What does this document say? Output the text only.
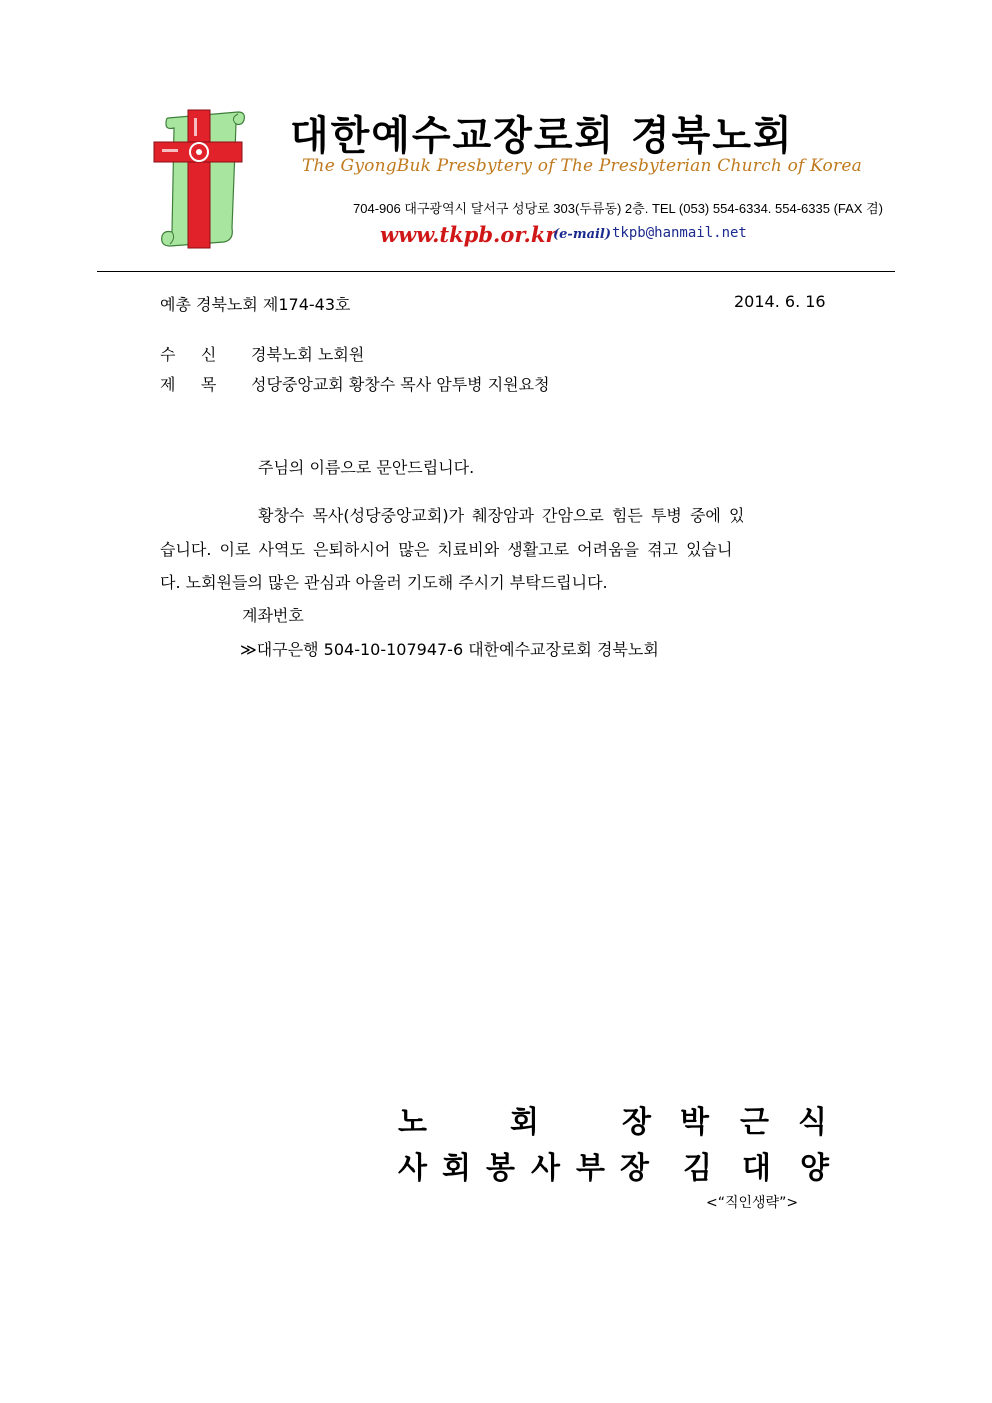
대한예수교장로회 경북노회
The GyongBuk Presbytery of The Presbyterian Church of Korea
704-906 대구광역시 달서구 성당로 303(두류동) 2층. TEL (053) 554-6334. 554-6335 (FAX 겸)
www.tkpb.or.kr
(e-mail) tkpb@hanmail.net
예총 경북노회 제174-43호	2014. 6. 16
수     신 경북노회 노회원
제     목 성당중앙교회 황창수 목사 암투병 지원요청
주님의 이름으로 문안드립니다.
황창수 목사(성당중앙교회)가 췌장암과 간암으로 힘든 투병 중에 있
습니다. 이로 사역도 은퇴하시어 많은 치료비와 생활고로 어려움을 겪고 있습니
다. 노회원들의 많은 관심과 아울러 기도해 주시기 부탁드립니다.
계좌번호
≫대구은행 504-10-107947-6 대한예수교장로회 경북노회
노	회	장 박 근 식
사 회 봉 사 부 장 김 대 양
<“직인생략”>
